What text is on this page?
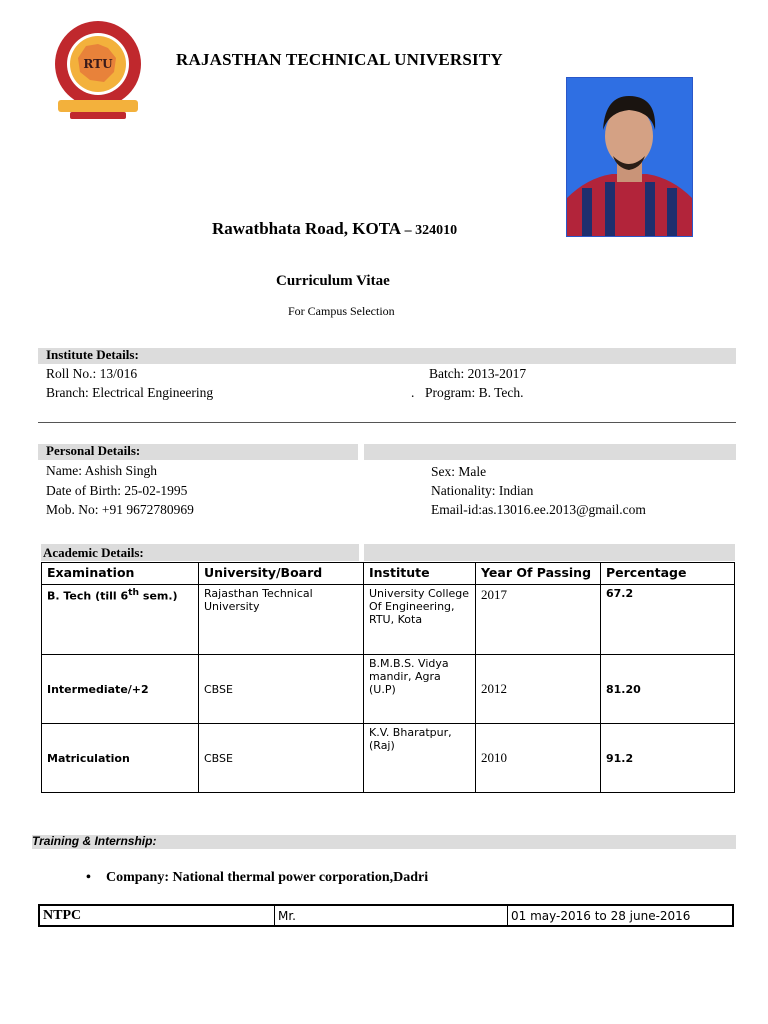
RTU	RAJASTHAN TECHNICAL UNIVERSITY
Rawatbhata Road, KOTA – 324010
Curriculum Vitae
For Campus Selection
Institute Details:
Roll No.: 13/016	Batch: 2013-2017
Branch: Electrical Engineering	. Program: B. Tech.
Personal Details:
Name: Ashish Singh
Date of Birth: 25-02-1995
Mob. No: +91 9672780969
Sex: Male
Nationality: Indian
Email-id:as.13016.ee.2013@gmail.com
Academic Details:
Examination	University/Board	Institute	Year Of Passing	Percentage
B. Tech (till 6th sem.)	Rajasthan Technical University	University College Of Engineering,
RTU, Kota	2017	67.2
Intermediate/+2	CBSE	B.M.B.S. Vidya mandir, Agra (U.P)	2012	81.20
Matriculation	CBSE	K.V. Bharatpur,(Raj)	2010	91.2
Training & Internship:
• Company: National thermal power corporation,Dadri
NTPC	Mr.	01 may-2016 to 28 june-2016
